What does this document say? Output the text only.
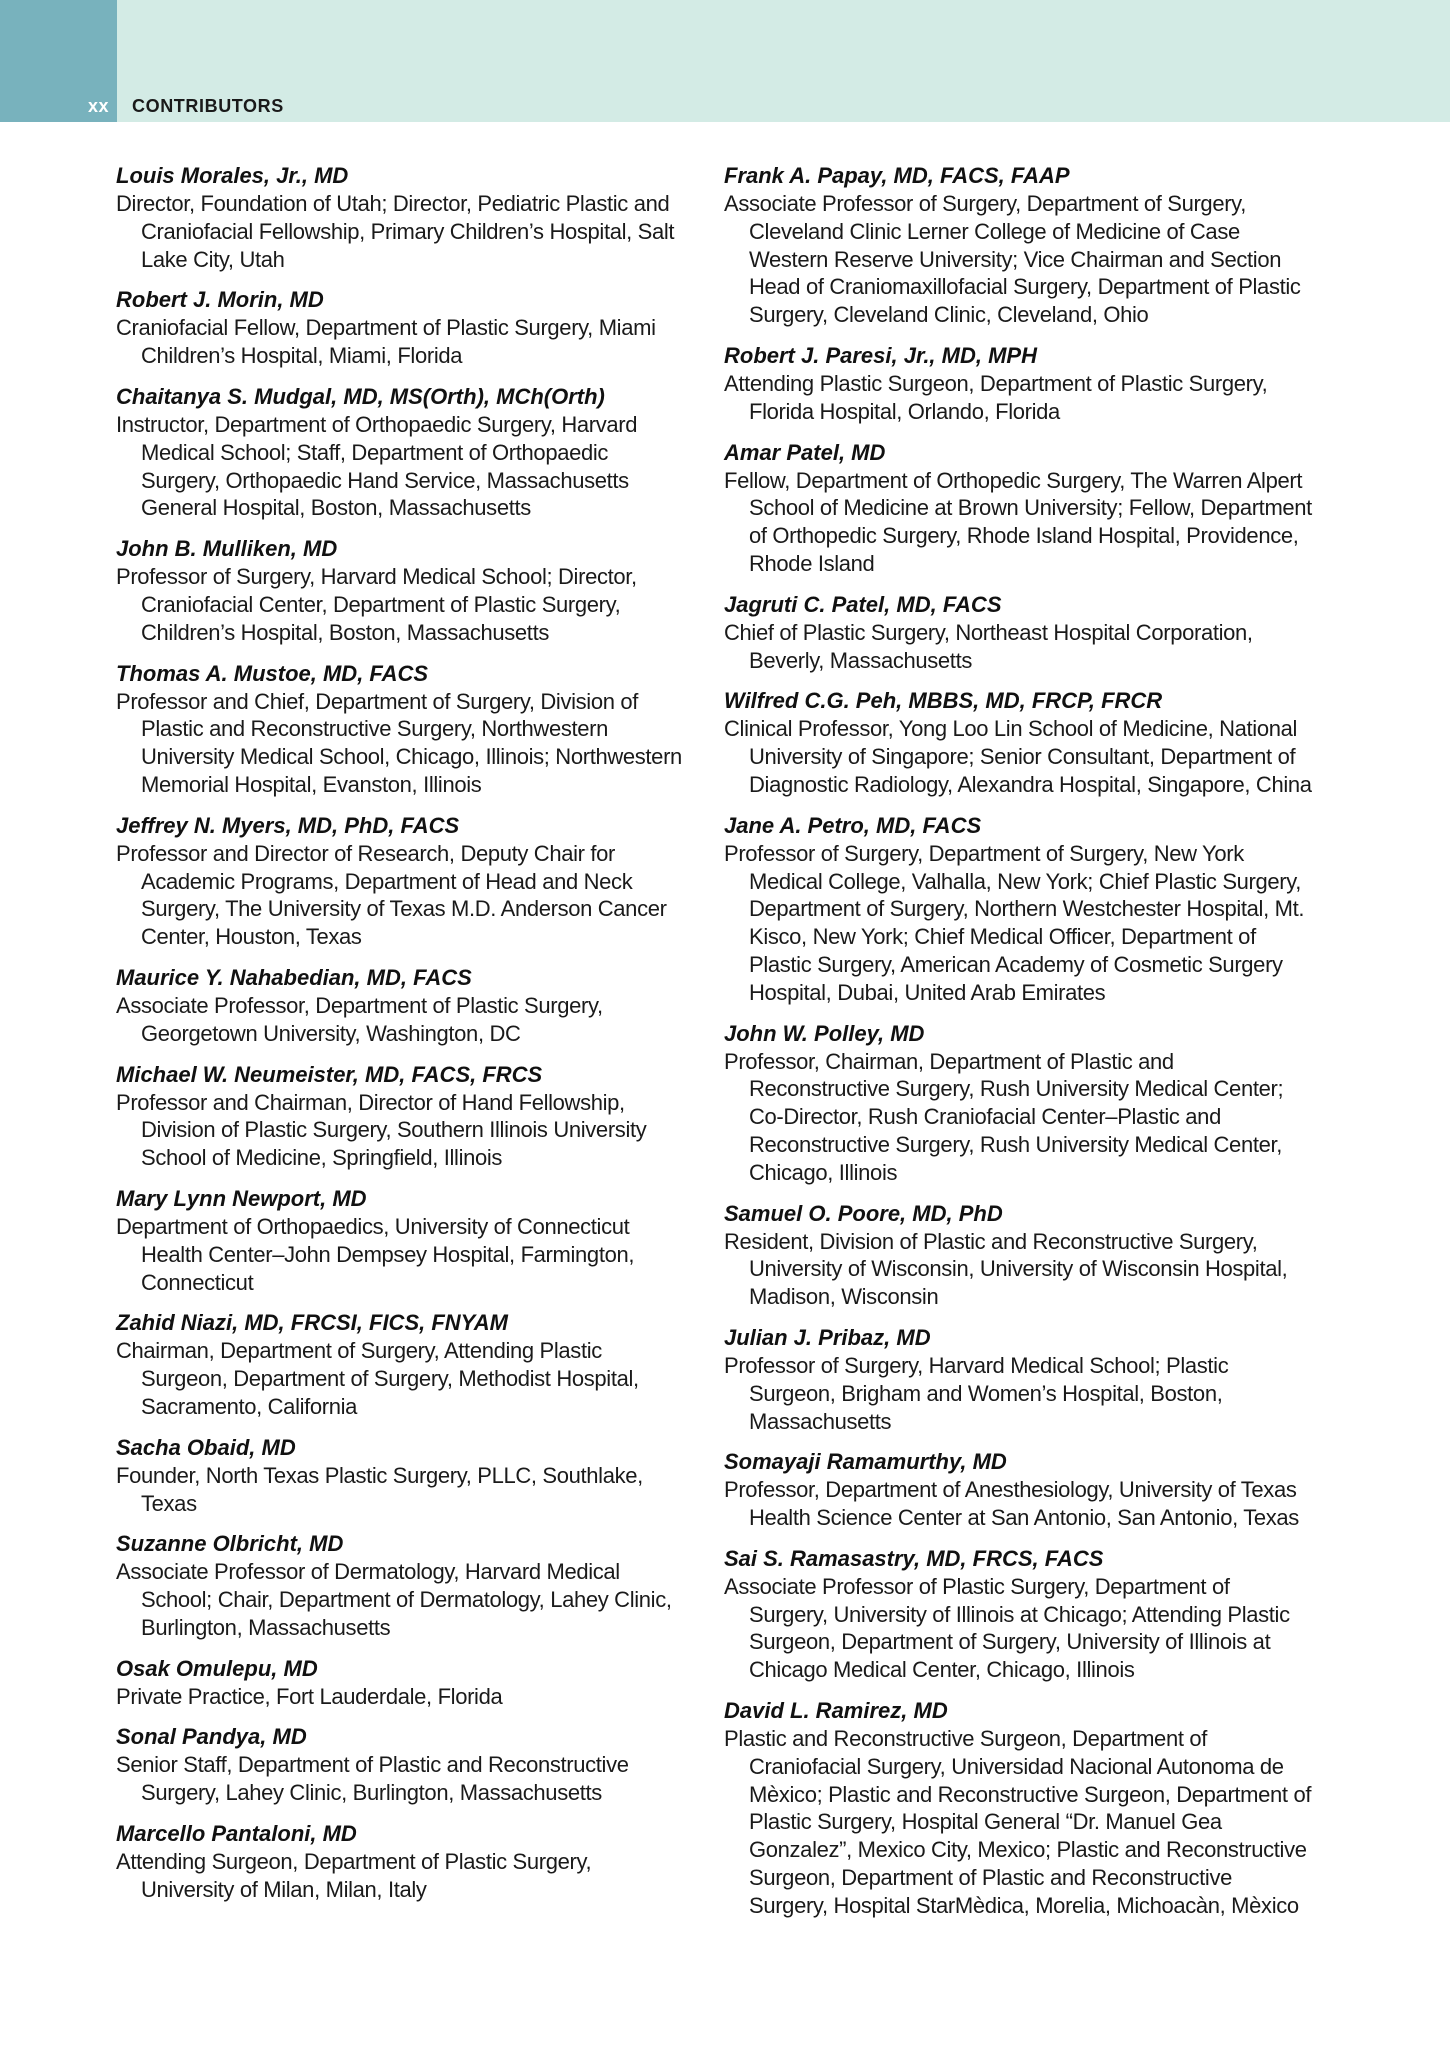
xx CONTRIBUTORS
Louis Morales, Jr., MD
Director, Foundation of Utah; Director, Pediatric Plastic and Craniofacial Fellowship, Primary Children’s Hospital, Salt Lake City, Utah
Robert J. Morin, MD
Craniofacial Fellow, Department of Plastic Surgery, Miami Children’s Hospital, Miami, Florida
Chaitanya S. Mudgal, MD, MS(Orth), MCh(Orth)
Instructor, Department of Orthopaedic Surgery, Harvard Medical School; Staff, Department of Orthopaedic Surgery, Orthopaedic Hand Service, Massachusetts General Hospital, Boston, Massachusetts
John B. Mulliken, MD
Professor of Surgery, Harvard Medical School; Director, Craniofacial Center, Department of Plastic Surgery, Children’s Hospital, Boston, Massachusetts
Thomas A. Mustoe, MD, FACS
Professor and Chief, Department of Surgery, Division of Plastic and Reconstructive Surgery, Northwestern University Medical School, Chicago, Illinois; Northwestern Memorial Hospital, Evanston, Illinois
Jeffrey N. Myers, MD, PhD, FACS
Professor and Director of Research, Deputy Chair for Academic Programs, Department of Head and Neck Surgery, The University of Texas M.D. Anderson Cancer Center, Houston, Texas
Maurice Y. Nahabedian, MD, FACS
Associate Professor, Department of Plastic Surgery, Georgetown University, Washington, DC
Michael W. Neumeister, MD, FACS, FRCS
Professor and Chairman, Director of Hand Fellowship, Division of Plastic Surgery, Southern Illinois University School of Medicine, Springfield, Illinois
Mary Lynn Newport, MD
Department of Orthopaedics, University of Connecticut Health Center–John Dempsey Hospital, Farmington, Connecticut
Zahid Niazi, MD, FRCSI, FICS, FNYAM
Chairman, Department of Surgery, Attending Plastic Surgeon, Department of Surgery, Methodist Hospital, Sacramento, California
Sacha Obaid, MD
Founder, North Texas Plastic Surgery, PLLC, Southlake, Texas
Suzanne Olbricht, MD
Associate Professor of Dermatology, Harvard Medical School; Chair, Department of Dermatology, Lahey Clinic, Burlington, Massachusetts
Osak Omulepu, MD
Private Practice, Fort Lauderdale, Florida
Sonal Pandya, MD
Senior Staff, Department of Plastic and Reconstructive Surgery, Lahey Clinic, Burlington, Massachusetts
Marcello Pantaloni, MD
Attending Surgeon, Department of Plastic Surgery, University of Milan, Milan, Italy
Frank A. Papay, MD, FACS, FAAP
Associate Professor of Surgery, Department of Surgery, Cleveland Clinic Lerner College of Medicine of Case Western Reserve University; Vice Chairman and Section Head of Craniomaxillofacial Surgery, Department of Plastic Surgery, Cleveland Clinic, Cleveland, Ohio
Robert J. Paresi, Jr., MD, MPH
Attending Plastic Surgeon, Department of Plastic Surgery, Florida Hospital, Orlando, Florida
Amar Patel, MD
Fellow, Department of Orthopedic Surgery, The Warren Alpert School of Medicine at Brown University; Fellow, Department of Orthopedic Surgery, Rhode Island Hospital, Providence, Rhode Island
Jagruti C. Patel, MD, FACS
Chief of Plastic Surgery, Northeast Hospital Corporation, Beverly, Massachusetts
Wilfred C.G. Peh, MBBS, MD, FRCP, FRCR
Clinical Professor, Yong Loo Lin School of Medicine, National University of Singapore; Senior Consultant, Department of Diagnostic Radiology, Alexandra Hospital, Singapore, China
Jane A. Petro, MD, FACS
Professor of Surgery, Department of Surgery, New York Medical College, Valhalla, New York; Chief Plastic Surgery, Department of Surgery, Northern Westchester Hospital, Mt. Kisco, New York; Chief Medical Officer, Department of Plastic Surgery, American Academy of Cosmetic Surgery Hospital, Dubai, United Arab Emirates
John W. Polley, MD
Professor, Chairman, Department of Plastic and Reconstructive Surgery, Rush University Medical Center; Co-Director, Rush Craniofacial Center–Plastic and Reconstructive Surgery, Rush University Medical Center, Chicago, Illinois
Samuel O. Poore, MD, PhD
Resident, Division of Plastic and Reconstructive Surgery, University of Wisconsin, University of Wisconsin Hospital, Madison, Wisconsin
Julian J. Pribaz, MD
Professor of Surgery, Harvard Medical School; Plastic Surgeon, Brigham and Women’s Hospital, Boston, Massachusetts
Somayaji Ramamurthy, MD
Professor, Department of Anesthesiology, University of Texas Health Science Center at San Antonio, San Antonio, Texas
Sai S. Ramasastry, MD, FRCS, FACS
Associate Professor of Plastic Surgery, Department of Surgery, University of Illinois at Chicago; Attending Plastic Surgeon, Department of Surgery, University of Illinois at Chicago Medical Center, Chicago, Illinois
David L. Ramirez, MD
Plastic and Reconstructive Surgeon, Department of Craniofacial Surgery, Universidad Nacional Autonoma de Mèxico; Plastic and Reconstructive Surgeon, Department of Plastic Surgery, Hospital General “Dr. Manuel Gea Gonzalez”, Mexico City, Mexico; Plastic and Reconstructive Surgeon, Department of Plastic and Reconstructive Surgery, Hospital StarMèdica, Morelia, Michoacàn, Mèxico
